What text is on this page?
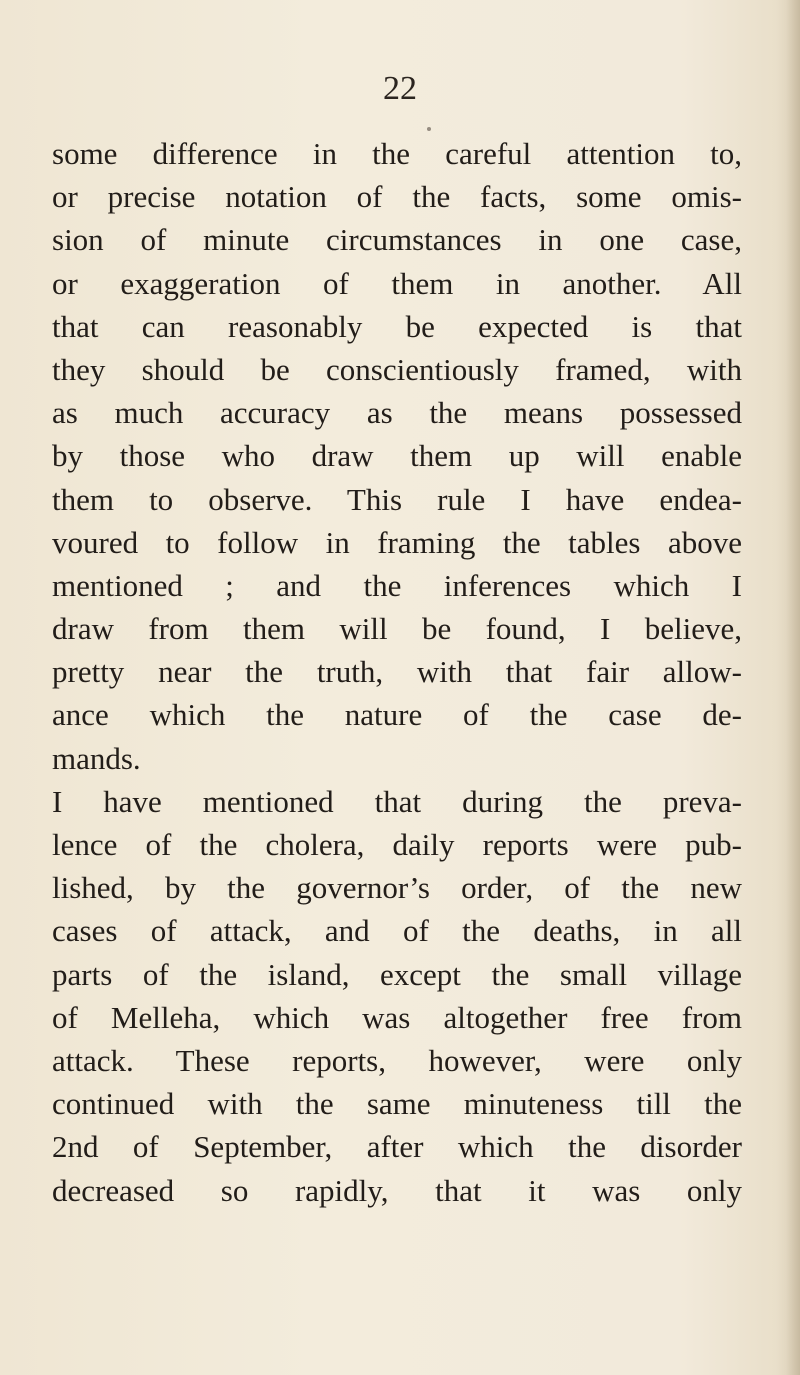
22
some difference in the careful attention to,
or precise notation of the facts, some omis-
sion of minute circumstances in one case,
or exaggeration of them in another. All
that can reasonably be expected is that
they should be conscientiously framed, with
as much accuracy as the means possessed
by those who draw them up will enable
them to observe. This rule I have endea-
voured to follow in framing the tables above
mentioned ; and the inferences which I
draw from them will be found, I believe,
pretty near the truth, with that fair allow-
ance which the nature of the case de-
mands.
I have mentioned that during the preva-
lence of the cholera, daily reports were pub-
lished, by the governor’s order, of the new
cases of attack, and of the deaths, in all
parts of the island, except the small village
of Melleha, which was altogether free from
attack. These reports, however, were only
continued with the same minuteness till the
2nd of September, after which the disorder
decreased so rapidly, that it was only
